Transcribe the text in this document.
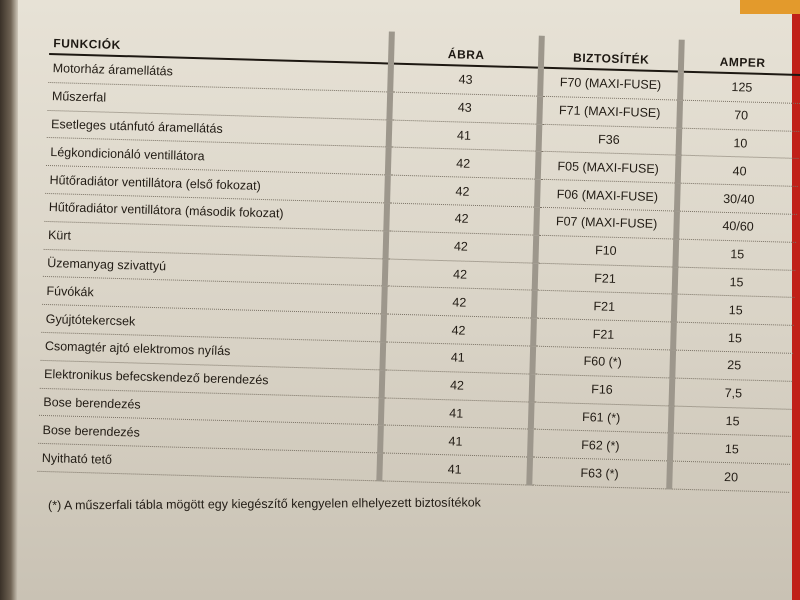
FUNKCIÓK	ÁBRA	BIZTOSÍTÉK	AMPER
Motorház áramellátás	43	F70 (MAXI-FUSE)	125
Műszerfal	43	F71 (MAXI-FUSE)	70
Esetleges utánfutó áramellátás	41	F36	10
Légkondicionáló ventillátora	42	F05 (MAXI-FUSE)	40
Hűtőradiátor ventillátora (első fokozat)	42	F06 (MAXI-FUSE)	30/40
Hűtőradiátor ventillátora (második fokozat)	42	F07 (MAXI-FUSE)	40/60
Kürt	42	F10	15
Üzemanyag szivattyú	42	F21	15
Fúvókák	42	F21	15
Gyújtótekercsek	42	F21	15
Csomagtér ajtó elektromos nyílás	41	F60 (*)	25
Elektronikus befecskendező berendezés	42	F16	7,5
Bose berendezés	41	F61 (*)	15
Bose berendezés	41	F62 (*)	15
Nyitható tető	41	F63 (*)	20
(*) A műszerfali tábla mögött egy kiegészítő kengyelen elhelyezett biztosítékok
